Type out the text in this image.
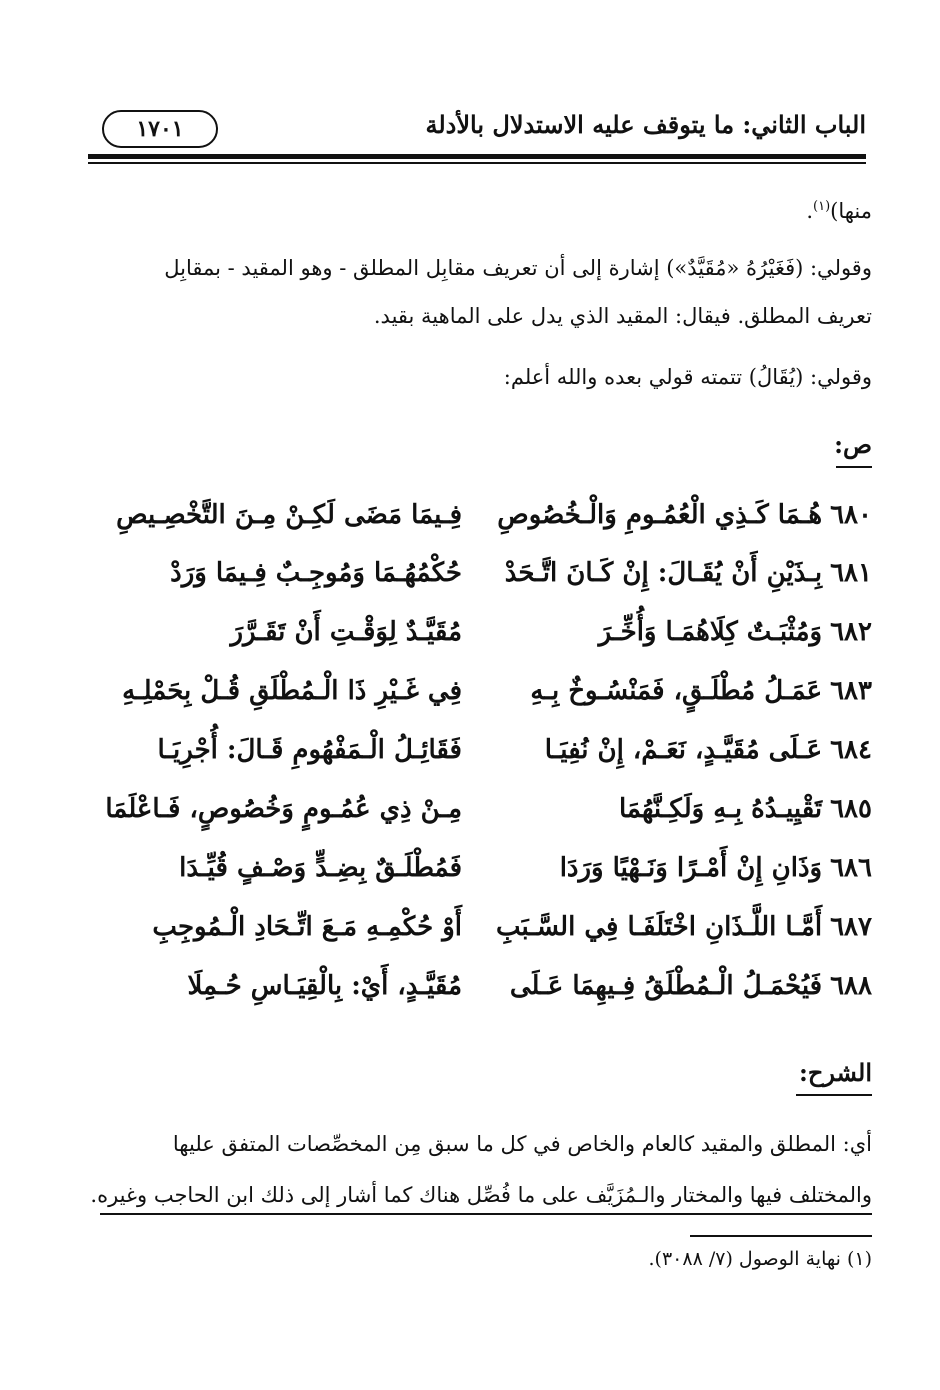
الباب الثاني: ما يتوقف عليه الاستدلال بالأدلة
١٧٠١
منها)$^{(١)}$.
وقولي: (فَغَيْرُهُ «مُقَيَّدٌ») إشارة إلى أن تعريف مقابِل المطلق - وهو المقيد - بمقابِل
تعريف المطلق. فيقال: المقيد الذي يدل على الماهية بقيد.
وقولي: (يُقَالُ) تتمته قولي بعده والله أعلم:
ص:
٦٨٠هُـمَا كَـذِي الْعُمُـومِ وَالْـخُصُوصِ
فِـيمَا مَضَى لَكِـنْ مِـنَ التَّخْصِـيصِ
٦٨١بِـذَيْنِ أَنْ يُقَـالَ: إِنْ كَـانَ اتَّـحَدْ
حُكْمُهُـمَا وَمُوجِـبٌ فِـيمَا وَرَدْ
٦٨٢وَمُثْبَـتٌ كِلَاهُمَـا وَأُخِّـرَ
مُقَيَّـدٌ لِوَقْـتِ أَنْ تَقَـرَّرَ
٦٨٣عَمَـلُ مُطْلَـقٍ، فَمَنْسُـوخٌ بِـهِ
فِي غَـيْرِ ذَا الْـمُطْلَقِ قُـلْ بِحَمْلِـهِ
٦٨٤عَـلَى مُقَيَّـدٍ، نَعَـمْ، إِنْ نُفِيَـا
فَقَائِـلُ الْـمَفْهُومِ قَـالَ: أُجْرِيَـا
٦٨٥تَقْيِيـدُهُ بِـهِ وَلَكِـنَّهُمَا
مِـنْ ذِي عُمُـومٍ وَخُصُوصٍ، فَـاعْلَمَا
٦٨٦وَذَانِ إِنْ أَمْـرًا وَنَـهْيًا وَرَدَا
فَمُطْلَـقٌ بِضِـدٍّ وَصْـفٍ قُيِّـدَا
٦٨٧أَمَّـا اللَّـذَانِ اخْتَلَفَـا فِي السَّـبَبِ
أَوْ حُكْمِـهِ مَـعَ اتِّـحَادِ الْـمُوجِبِ
٦٨٨فَيُحْمَـلُ الْـمُطْلَقُ فِـيهِمَا عَـلَى
مُقَيَّـدٍ، أَيْ: بِالْقِيَـاسِ حُـمِلَا
الشرح:
أي: المطلق والمقيد كالعام والخاص في كل ما سبق مِن المخصِّصات المتفق عليها
والمختلف فيها والمختار والـمُزَيَّف على ما فُصِّل هناك كما أشار إلى ذلك ابن الحاجب وغيره.
(١) نهاية الوصول (٧/ ٣٠٨٨).
